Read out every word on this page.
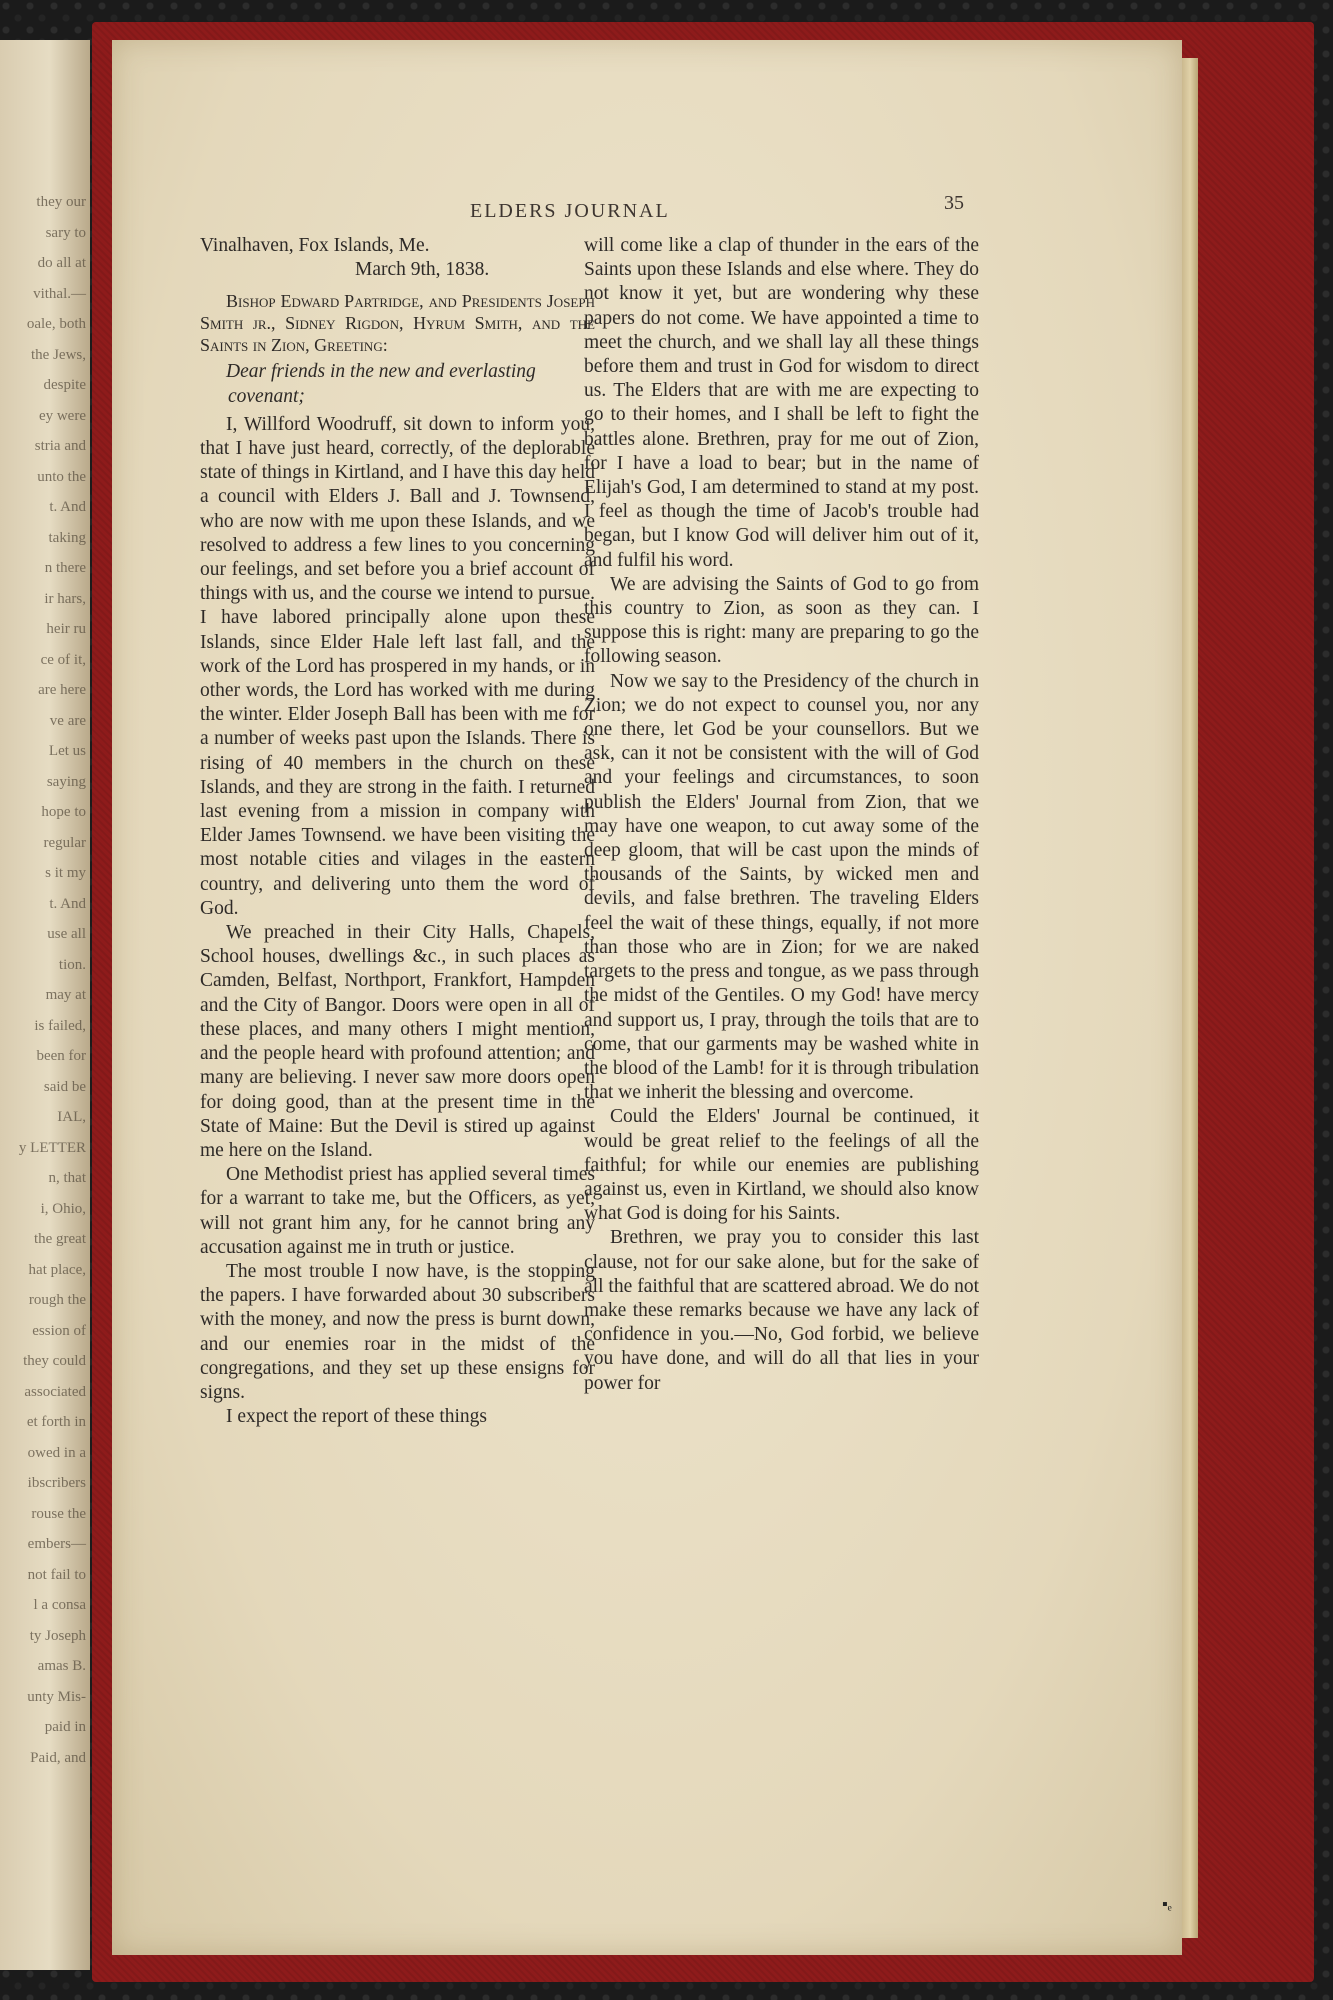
they our
sary to
do all at
vithal.—
oale, both
the Jews,
despite
ey were
stria and
unto the
t. And
taking
n there
ir hars,
heir ru
ce of it,
are here
ve are
Let us
saying
hope to
regular
s it my
t. And
use all
tion.
may at
is failed,
been for
said be
IAL,
y LETTER
n, that
i, Ohio,
the great
hat place,
rough the
ession of
they could
associated
et forth in
owed in a
ibscribers
rouse the
embers—
not fail to
l a consa
ty Joseph
amas B.
unty Mis-
paid in
Paid, and
ELDERS JOURNAL	35

Vinalhaven, Fox Islands, Me.
March 9th, 1838.

Bishop Edward Partridge, and Presidents Joseph Smith jr., Sidney Rigdon, Hyrum Smith, and the Saints in Zion, Greeting:

Dear friends in the new and everlasting
covenant;

I, Willford Woodruff, sit down to inform you, that I have just heard, correctly, of the deplorable state of things in Kirtland, and I have this day held a council with Elders J. Ball and J. Townsend, who are now with me upon these Islands, and we resolved to address a few lines to you concerning our feelings, and set before you a brief account of things with us, and the course we intend to pursue. I have labored principally alone upon these Islands, since Elder Hale left last fall, and the work of the Lord has prospered in my hands, or in other words, the Lord has worked with me during the winter. Elder Joseph Ball has been with me for a number of weeks past upon the Islands. There is rising of 40 members in the church on these Islands, and they are strong in the faith. I returned last evening from a mission in company with Elder James Townsend. we have been visiting the most notable cities and vilages in the eastern country, and delivering unto them the word of God.

We preached in their City Halls, Chapels, School houses, dwellings &c., in such places as Camden, Belfast, Northport, Frankfort, Hampden and the City of Bangor. Doors were open in all of these places, and many others I might mention, and the people heard with profound attention; and many are believing. I never saw more doors open for doing good, than at the present time in the State of Maine: But the Devil is stired up against me here on the Island.

One Methodist priest has applied several times for a warrant to take me, but the Officers, as yet, will not grant him any, for he cannot bring any accusation against me in truth or justice.

The most trouble I now have, is the stopping the papers. I have forwarded about 30 subscribers with the money, and now the press is burnt down, and our enemies roar in the midst of the congregations, and they set up these ensigns for signs.

I expect the report of these things

will come like a clap of thunder in the ears of the Saints upon these Islands and else where. They do not know it yet, but are wondering why these papers do not come. We have appointed a time to meet the church, and we shall lay all these things before them and trust in God for wisdom to direct us. The Elders that are with me are expecting to go to their homes, and I shall be left to fight the battles alone. Brethren, pray for me out of Zion, for I have a load to bear; but in the name of Elijah's God, I am determined to stand at my post. I feel as though the time of Jacob's trouble had began, but I know God will deliver him out of it, and fulfil his word.

We are advising the Saints of God to go from this country to Zion, as soon as they can. I suppose this is right: many are preparing to go the following season.

Now we say to the Presidency of the church in Zion; we do not expect to counsel you, nor any one there, let God be your counsellors. But we ask, can it not be consistent with the will of God and your feelings and circumstances, to soon publish the Elders' Journal from Zion, that we may have one weapon, to cut away some of the deep gloom, that will be cast upon the minds of thousands of the Saints, by wicked men and devils, and false brethren. The traveling Elders feel the wait of these things, equally, if not more than those who are in Zion; for we are naked targets to the press and tongue, as we pass through the midst of the Gentiles. O my God! have mercy and support us, I pray, through the toils that are to come, that our garments may be washed white in the blood of the Lamb! for it is through tribulation that we inherit the blessing and overcome.

Could the Elders' Journal be continued, it would be great relief to the feelings of all the faithful; for while our enemies are publishing against us, even in Kirtland, we should also know what God is doing for his Saints.

Brethren, we pray you to consider this last clause, not for our sake alone, but for the sake of all the faithful that are scattered abroad. We do not make these remarks because we have any lack of confidence in you.—No, God forbid, we believe you have done, and will do all that lies in your power for

▪ₑ
